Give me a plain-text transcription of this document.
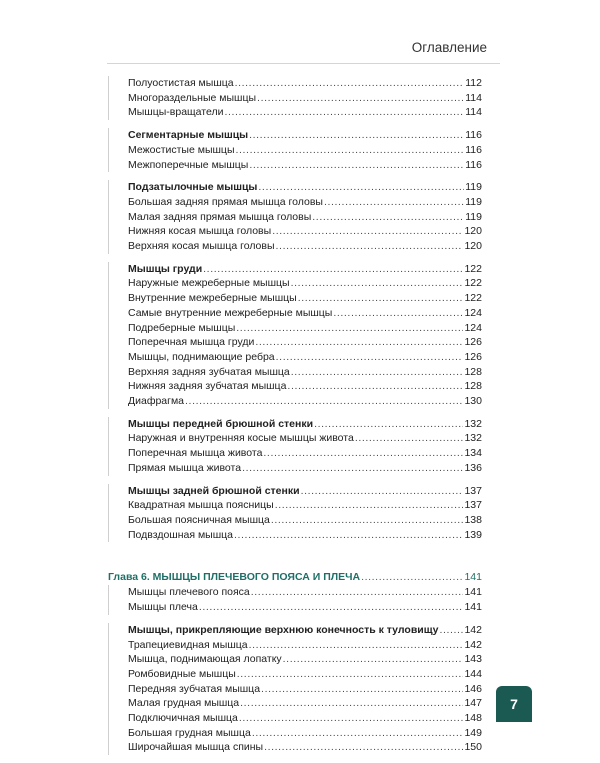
Оглавление
Полуостистая мышца .....	112
Многораздельные мышцы .....	114
Мышцы-вращатели .....	114
Сегментарные мышцы .....	116
Межостистые мышцы .....	116
Межпоперечные мышцы .....	116
Подзатылочные мышцы .....	119
Большая задняя прямая мышца головы .....	119
Малая задняя прямая мышца головы .....	119
Нижняя косая мышца головы .....	120
Верхняя косая мышца головы .....	120
Мышцы груди .....	122
Наружные межреберные мышцы .....	122
Внутренние межреберные мышцы .....	122
Самые внутренние межреберные мышцы .....	124
Подреберные мышцы .....	124
Поперечная мышца груди .....	126
Мышцы, поднимающие ребра .....	126
Верхняя задняя зубчатая мышца .....	128
Нижняя задняя зубчатая мышца .....	128
Диафрагма .....	130
Мышцы передней брюшной стенки .....	132
Наружная и внутренняя косые мышцы живота .....	132
Поперечная мышца живота .....	134
Прямая мышца живота .....	136
Мышцы задней брюшной стенки .....	137
Квадратная мышца поясницы .....	137
Большая поясничная мышца .....	138
Подвздошная мышца .....	139
Глава 6. МЫШЦЫ ПЛЕЧЕВОГО ПОЯСА И ПЛЕЧА .....	141
Мышцы плечевого пояса .....	141
Мышцы плеча .....	141
Мышцы, прикрепляющие верхнюю конечность к туловищу ..... 142
Трапециевидная мышца .....	142
Мышца, поднимающая лопатку .....	143
Ромбовидные мышцы .....	144
Передняя зубчатая мышца .....	146
Малая грудная мышца .....	147
Подключичная мышца .....	148
Большая грудная мышца .....	149
Широчайшая мышца спины .....	150
7
